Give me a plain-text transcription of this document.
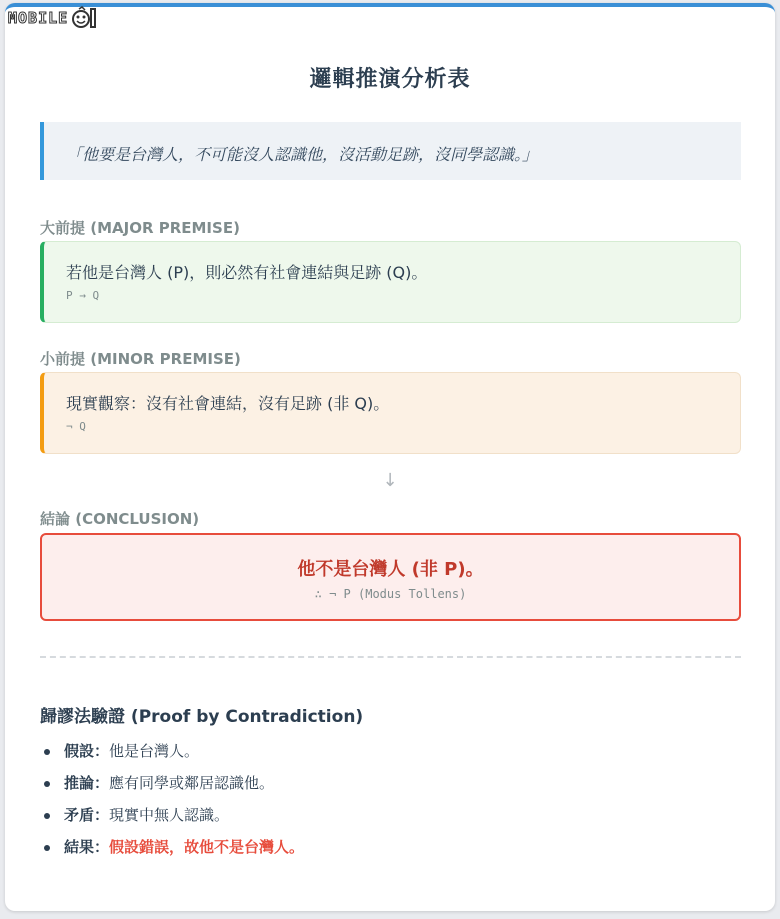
MOBILE
邏輯推演分析表
「他要是台灣人，不可能沒人認識他，沒活動足跡，沒同學認識。」
大前提 (MAJOR PREMISE)
若他是台灣人 (P)，則必然有社會連結與足跡 (Q)。
P → Q
小前提 (MINOR PREMISE)
現實觀察：沒有社會連結，沒有足跡 (非 Q)。
¬ Q
↓
結論 (CONCLUSION)
他不是台灣人 (非 P)。
∴ ¬ P (Modus Tollens)
歸謬法驗證 (Proof by Contradiction)
假設：他是台灣人。
推論：應有同學或鄰居認識他。
矛盾：現實中無人認識。
結果：假設錯誤，故他不是台灣人。
